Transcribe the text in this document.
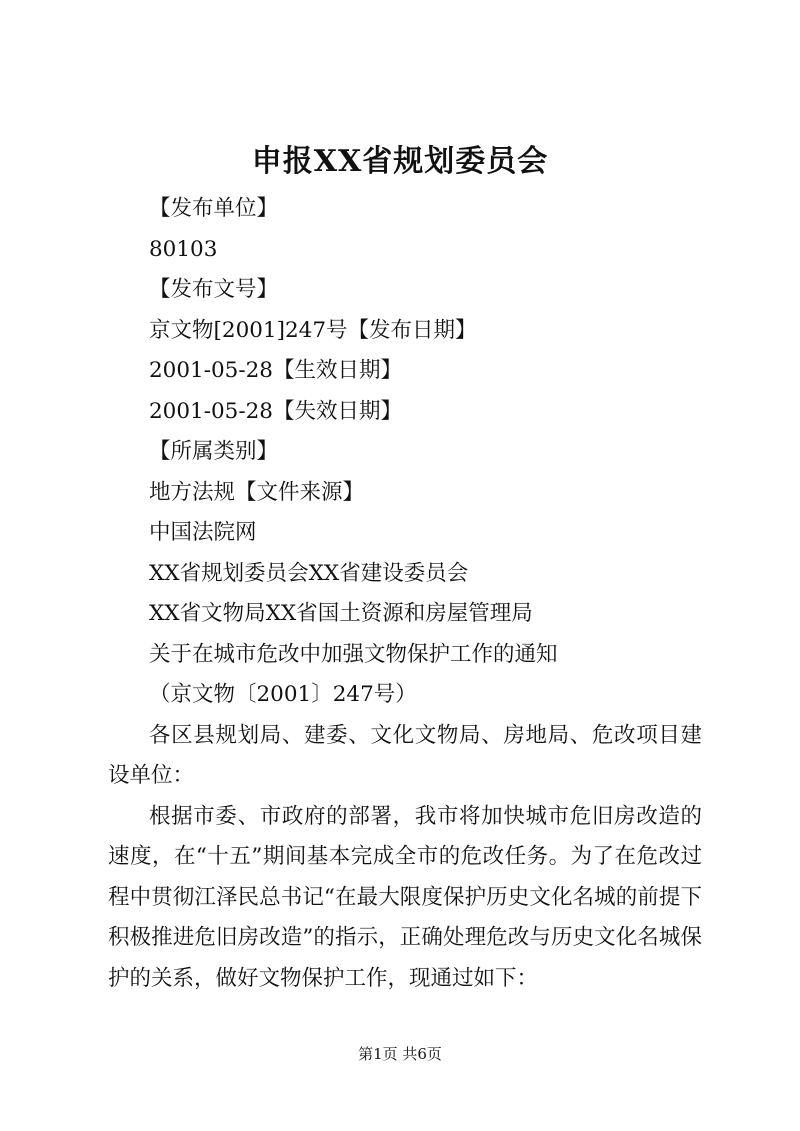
申报XX省规划委员会
【发布单位】
80103
【发布文号】
京文物[2001]247号【发布日期】
2001-05-28【生效日期】
2001-05-28【失效日期】
【所属类别】
地方法规【文件来源】
中国法院网
XX省规划委员会XX省建设委员会
XX省文物局XX省国土资源和房屋管理局
关于在城市危改中加强文物保护工作的通知
（京文物〔2001〕247号）
各区县规划局、建委、文化文物局、房地局、危改项目建设单位：
根据市委、市政府的部署，我市将加快城市危旧房改造的速度，在“十五”期间基本完成全市的危改任务。为了在危改过程中贯彻江泽民总书记“在最大限度保护历史文化名城的前提下积极推进危旧房改造”的指示，正确处理危改与历史文化名城保护的关系，做好文物保护工作，现通过如下：
第1页 共6页
